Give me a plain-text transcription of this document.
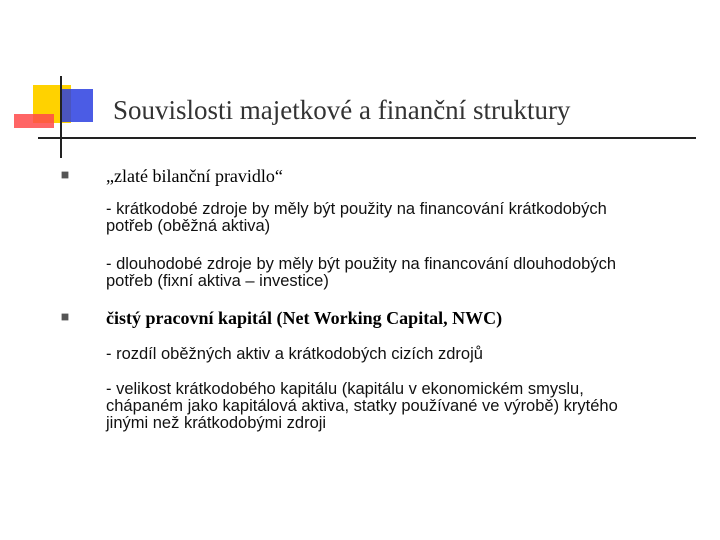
Souvislosti majetkové a finanční struktury
„zlaté bilanční pravidlo“
- krátkodobé zdroje by měly být použity na financování krátkodobých
potřeb (oběžná aktiva)
- dlouhodobé zdroje by měly být použity na financování dlouhodobých
potřeb (fixní aktiva – investice)
čistý pracovní kapitál (Net Working Capital, NWC)
- rozdíl oběžných aktiv a krátkodobých cizích zdrojů
- velikost krátkodobého kapitálu (kapitálu v ekonomickém smyslu,
chápaném jako kapitálová aktiva, statky používané ve výrobě) krytého
jinými než krátkodobými zdroji
